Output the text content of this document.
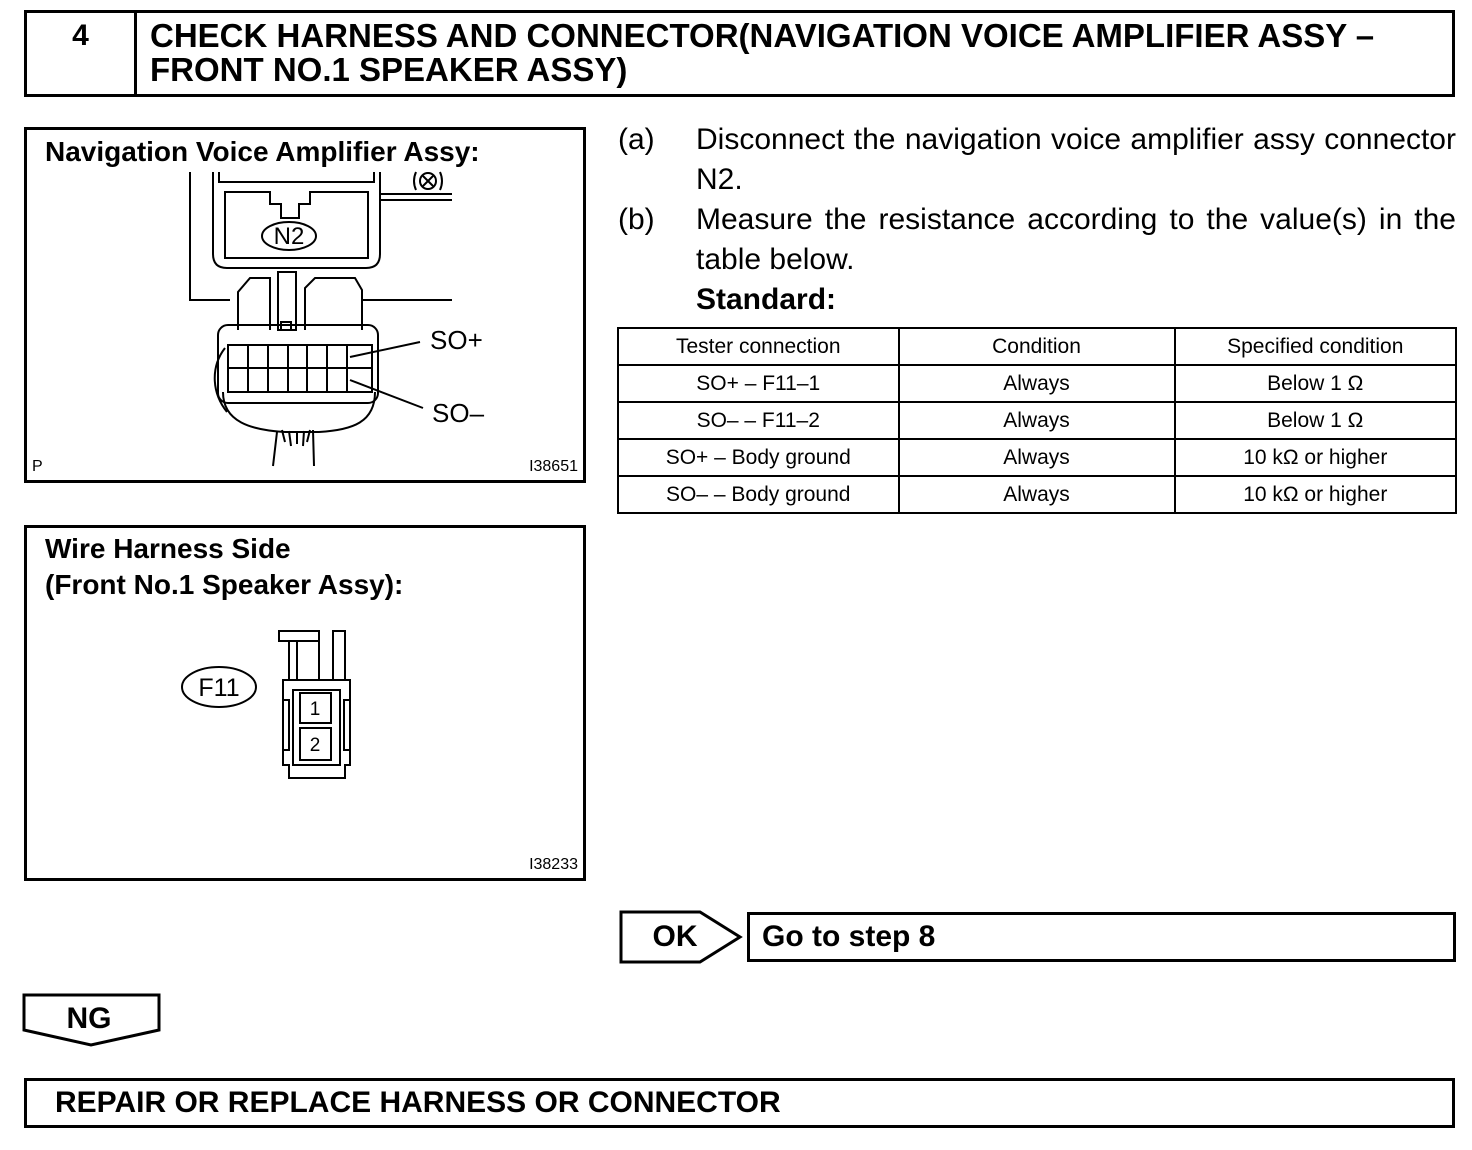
4	CHECK HARNESS AND CONNECTOR(NAVIGATION VOICE AMPLIFIER ASSY –
FRONT NO.1 SPEAKER ASSY)
N2
Navigation Voice Amplifier Assy:
SO+
SO–
P	I38651
F11
1
2
Wire Harness Side
(Front No.1 Speaker Assy):
I38233
(a) Disconnect the navigation voice amplifier assy connector N2.
(b) Measure the resistance according to the value(s) in the table below.
Standard:
Tester connection	Condition	Specified condition
SO+ – F11–1	Always	Below 1 Ω
SO– – F11–2	Always	Below 1 Ω
SO+ – Body ground	Always	10 kΩ or higher
SO– – Body ground	Always	10 kΩ or higher
OK	Go to step 8
NG
REPAIR OR REPLACE HARNESS OR CONNECTOR
